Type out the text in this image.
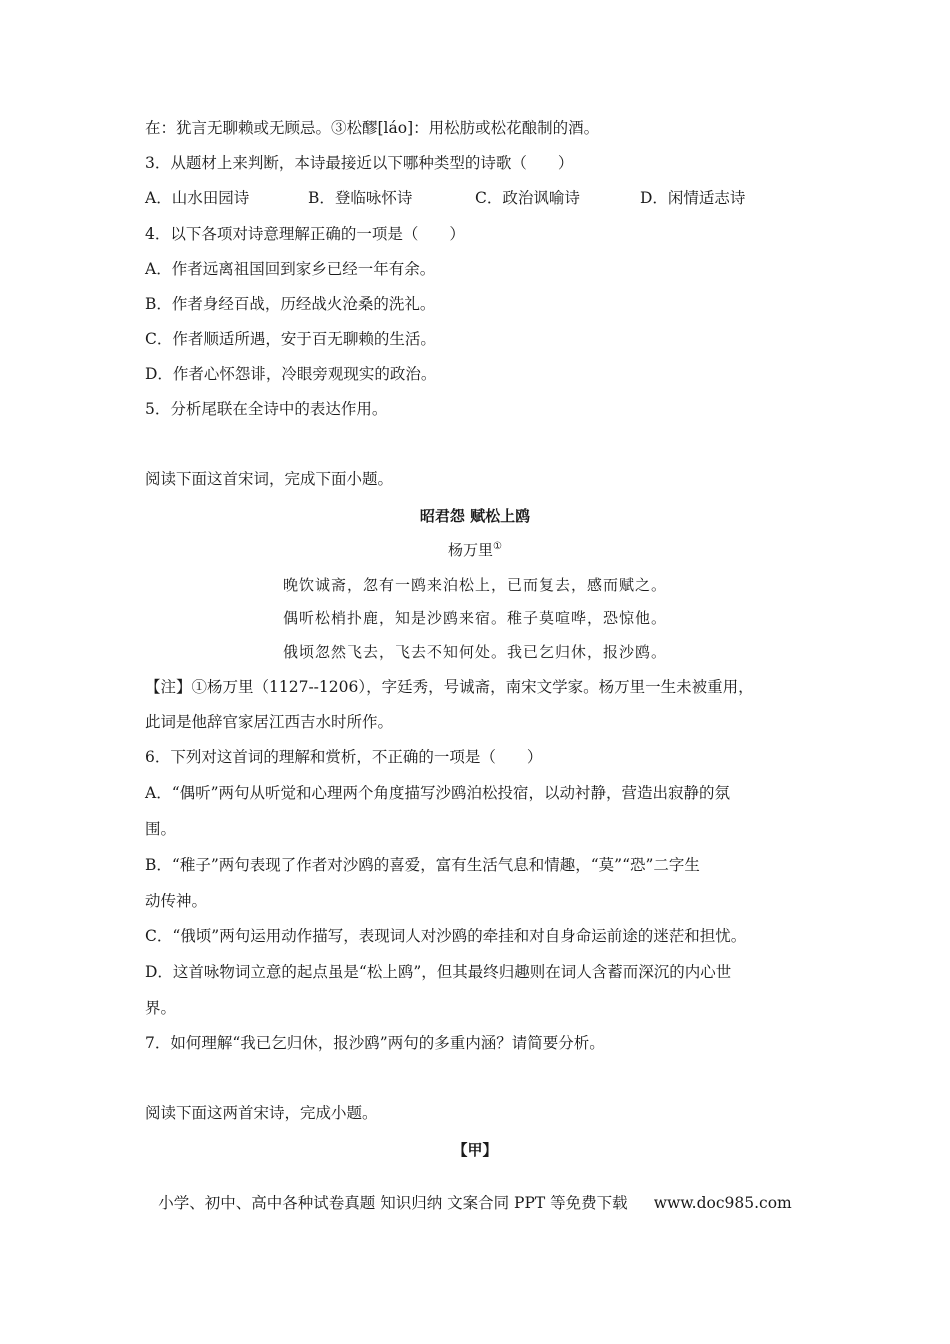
在：犹言无聊赖或无顾忌。③松醪[láo]：用松肪或松花酿制的酒。
3．从题材上来判断，本诗最接近以下哪种类型的诗歌（　　）
A．山水田园诗	B．登临咏怀诗	C．政治讽喻诗	D．闲情适志诗
4．以下各项对诗意理解正确的一项是（　　）
A．作者远离祖国回到家乡已经一年有余。
B．作者身经百战，历经战火沧桑的洗礼。
C．作者顺适所遇，安于百无聊赖的生活。
D．作者心怀怨诽，冷眼旁观现实的政治。
5．分析尾联在全诗中的表达作用。
阅读下面这首宋词，完成下面小题。
昭君怨 赋松上鸥
杨万里①
晚饮诚斋，忽有一鸥来泊松上，已而复去，感而赋之。
偶听松梢扑鹿，知是沙鸥来宿。稚子莫喧哗，恐惊他。
俄顷忽然飞去，飞去不知何处。我已乞归休，报沙鸥。
【注】①杨万里（1127--1206），字廷秀，号诚斋，南宋文学家。杨万里一生未被重用，
此词是他辞官家居江西吉水时所作。
6．下列对这首词的理解和赏析，不正确的一项是（　　）
A．“偶听”两句从听觉和心理两个角度描写沙鸥泊松投宿，以动衬静，营造出寂静的氛
围。
B．“稚子”两句表现了作者对沙鸥的喜爱，富有生活气息和情趣，“莫”“恐”二字生
动传神。
C．“俄顷”两句运用动作描写，表现词人对沙鸥的牵挂和对自身命运前途的迷茫和担忧。
D．这首咏物词立意的起点虽是“松上鸥”，但其最终归趣则在词人含蓄而深沉的内心世
界。
7．如何理解“我已乞归休，报沙鸥”两句的多重内涵？请简要分析。
阅读下面这两首宋诗，完成小题。
【甲】
小学、初中、高中各种试卷真题 知识归纳 文案合同 PPT 等免费下载 www.doc985.com
